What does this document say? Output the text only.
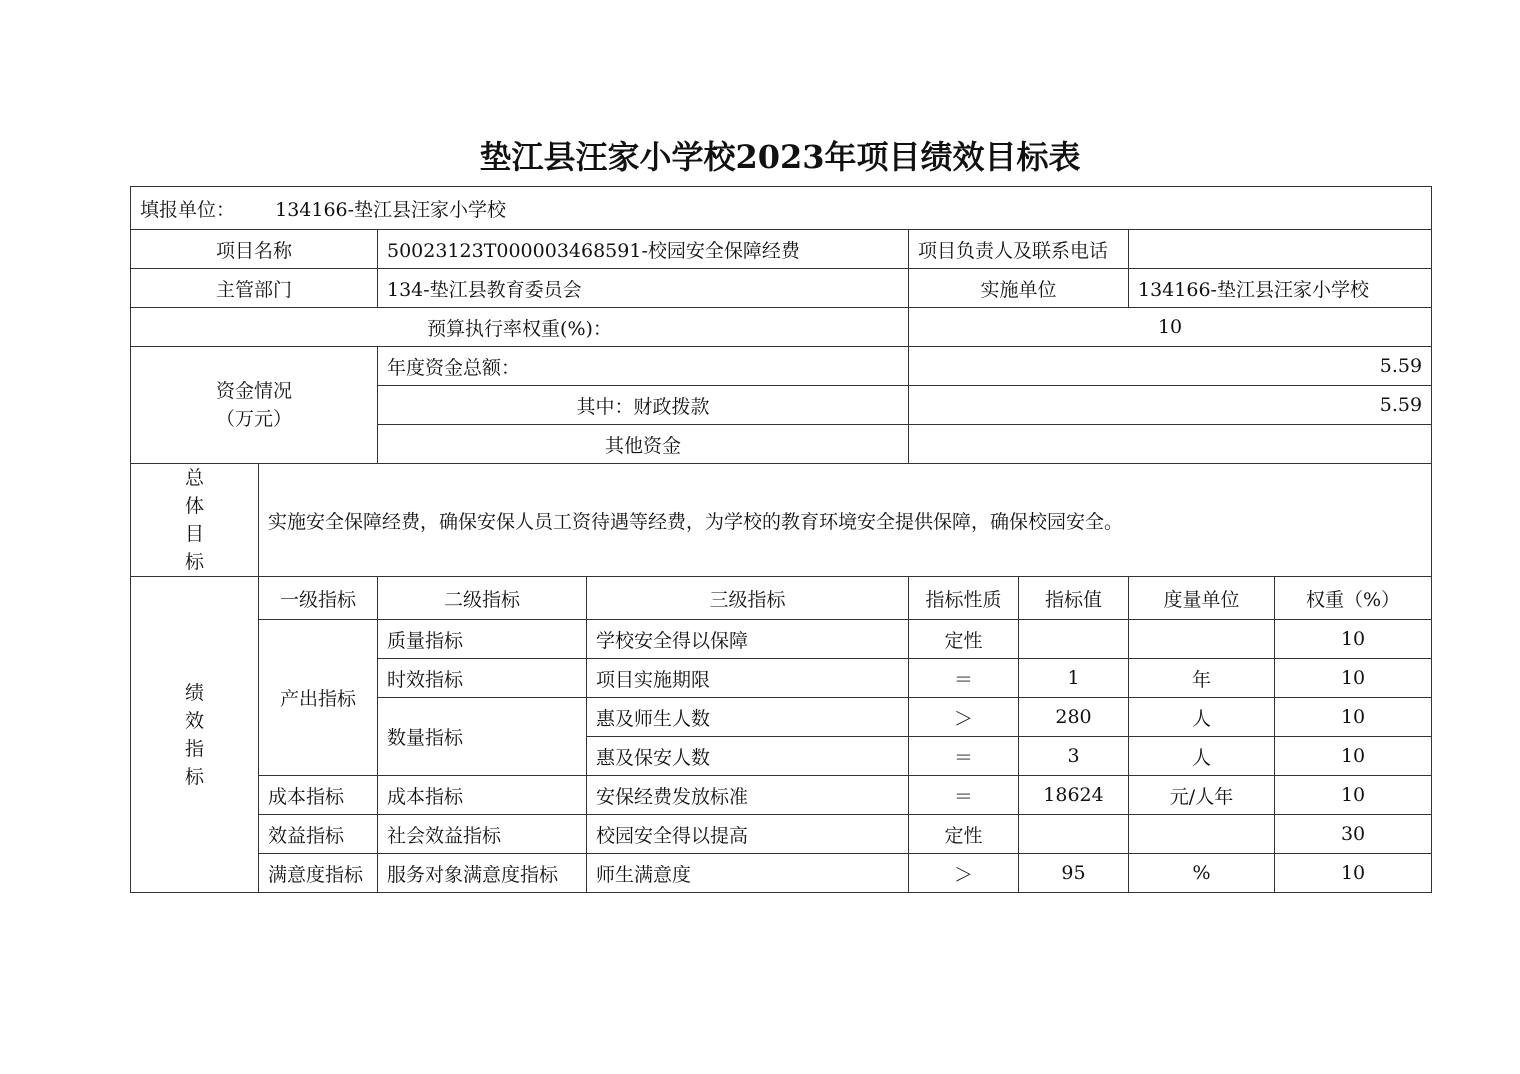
垫江县汪家小学校2023年项目绩效目标表
填报单位： 134166-垫江县汪家小学校							
项目名称		50023123T000003468591-校园安全保障经费		项目负责人及联系电话			
主管部门		134-垫江县教育委员会		实施单位		134166-垫江县汪家小学校	
预算执行率权重(%)：				10			
资金情况
（万元）		年度资金总额：		5.59			
		其中：财政拨款		5.59			
		其他资金					

总
体
目
标	实施安全保障经费，确保安保人员工资待遇等经费，为学校的教育环境安全提供保障，确保校园安全。						

绩
效
指
标	一级指标	二级指标	三级指标	指标性质	指标值	度量单位	权重（%）
	产出指标	质量指标	学校安全得以保障	定性			10
		时效指标	项目实施期限	＝	1	年	10
		数量指标	惠及师生人数	＞	280	人	10
			惠及保安人数	＝	3	人	10
	成本指标	成本指标	安保经费发放标准	＝	18624	元/人年	10
	效益指标	社会效益指标	校园安全得以提高	定性			30
	满意度指标	服务对象满意度指标	师生满意度	＞	95	%	10
